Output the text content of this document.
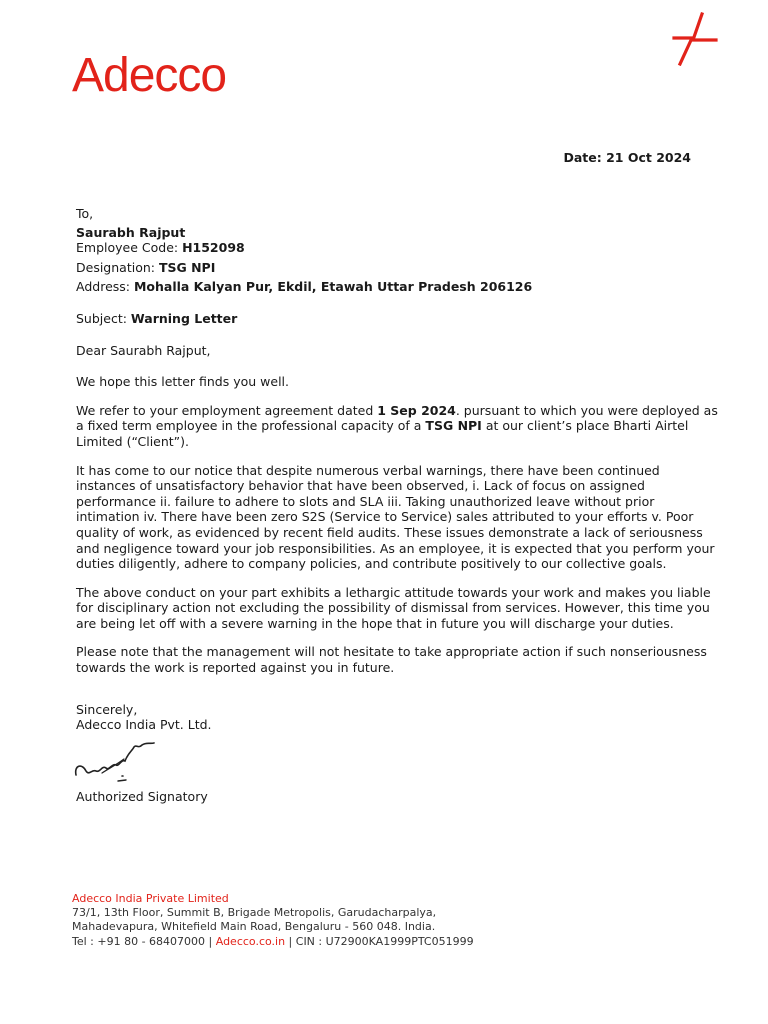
Adecco
Date: 21 Oct 2024

To,

Saurabh Rajput

Employee Code: H152098

Designation: TSG NPI

Address: Mohalla Kalyan Pur, Ekdil, Etawah Uttar Pradesh 206126

Subject: Warning Letter

Dear Saurabh Rajput,

We hope this letter finds you well.

We refer to your employment agreement dated 1 Sep 2024. pursuant to which you were deployed as a fixed term employee in the professional capacity of a TSG NPI at our client’s place Bharti Airtel Limited (“Client”).

It has come to our notice that despite numerous verbal warnings, there have been continued instances of unsatisfactory behavior that have been observed, i. Lack of focus on assigned performance ii. failure to adhere to slots and SLA iii. Taking unauthorized leave without prior intimation iv. There have been zero S2S (Service to Service) sales attributed to your efforts v. Poor quality of work, as evidenced by recent field audits. These issues demonstrate a lack of seriousness and negligence toward your job responsibilities. As an employee, it is expected that you perform your duties diligently, adhere to company policies, and contribute positively to our collective goals.

The above conduct on your part exhibits a lethargic attitude towards your work and makes you liable for disciplinary action not excluding the possibility of dismissal from services. However, this time you are being let off with a severe warning in the hope that in future you will discharge your duties.

Please note that the management will not hesitate to take appropriate action if such nonseriousness towards the work is reported against you in future.

Sincerely,

Adecco India Pvt. Ltd.

Authorized Signatory

Adecco India Private Limited
73/1, 13th Floor, Summit B, Brigade Metropolis, Garudacharpalya,
Mahadevapura, Whitefield Main Road, Bengaluru - 560 048. India.
Tel : +91 80 - 68407000 | Adecco.co.in | CIN : U72900KA1999PTC051999
